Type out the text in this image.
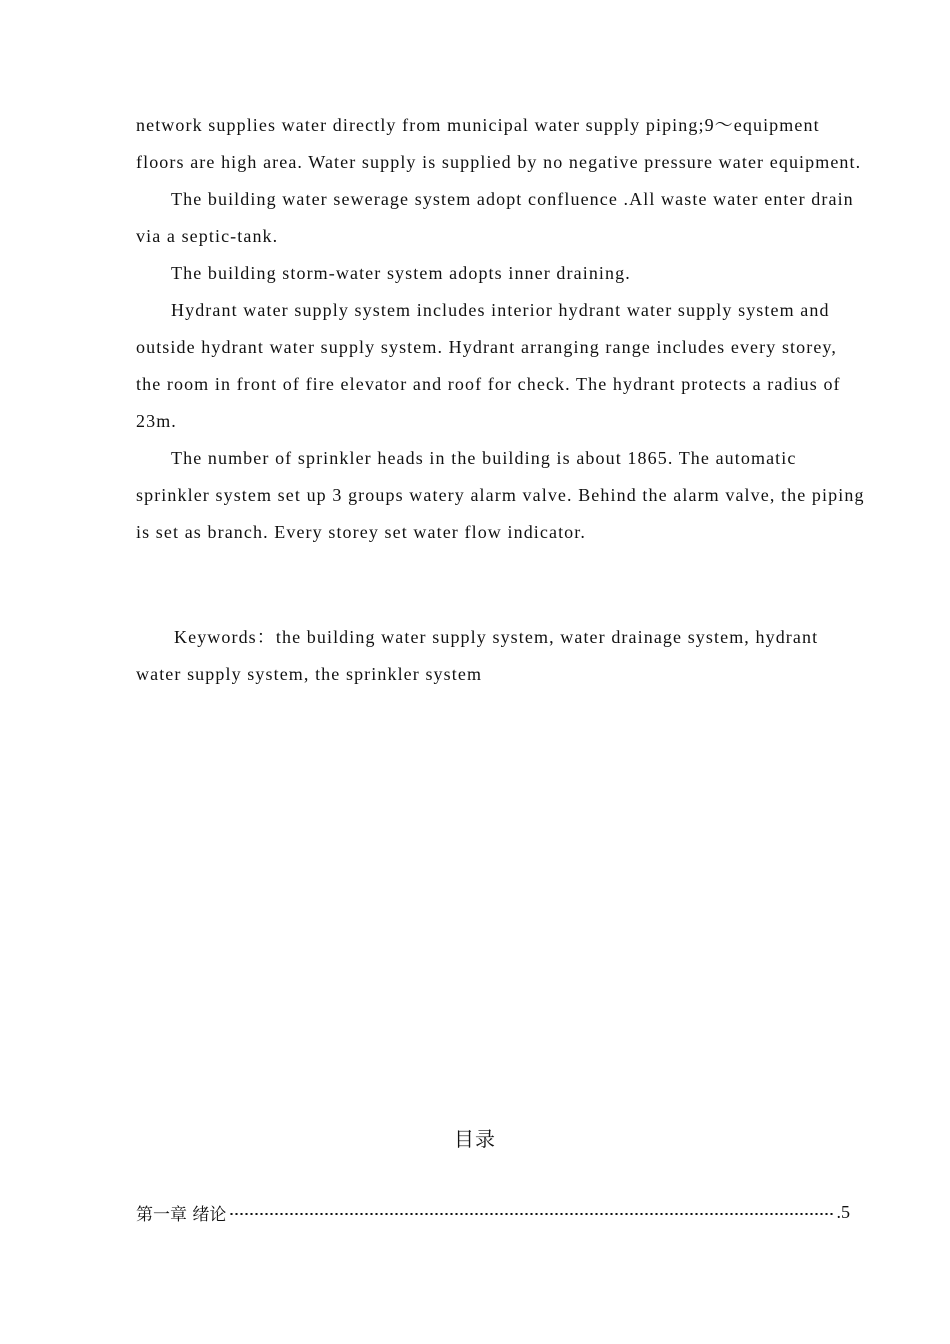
network supplies water directly from municipal water supply piping;9～equipment floors are high area. Water supply is supplied by no negative pressure water equipment.

The building water sewerage system adopt confluence .All waste water enter drain via a septic-tank.

The building storm-water system adopts inner draining.

Hydrant water supply system includes interior hydrant water supply system and outside hydrant water supply system. Hydrant arranging range includes every storey, the room in front of fire elevator and roof for check. The hydrant protects a radius of 23m.

The number of sprinkler heads in the building is about 1865. The automatic sprinkler system set up 3 groups watery alarm valve. Behind the alarm valve, the piping is set as branch. Every storey set water flow indicator.

Keywords：the building water supply system, water drainage system, hydrant water supply system, the sprinkler system
目录
第一章 绪论	.5
